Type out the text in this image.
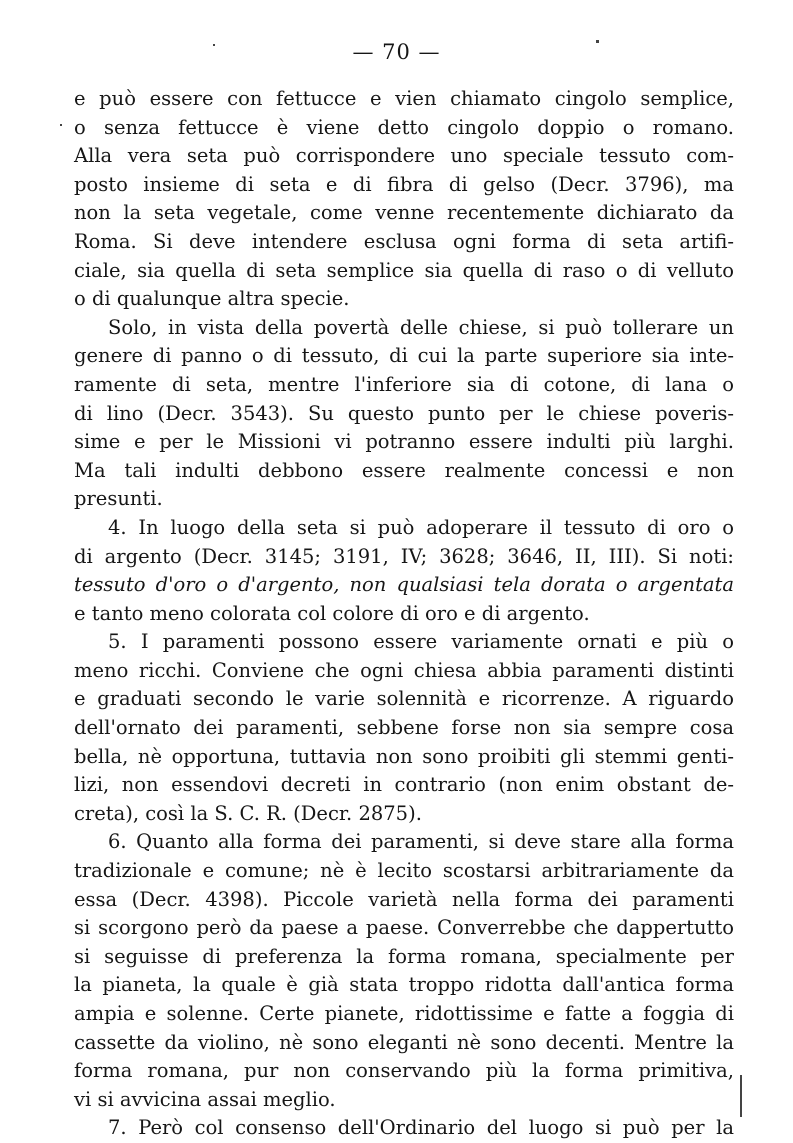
— 70 —
e può essere con fettucce e vien chiamato cingolo semplice,
o senza fettucce è viene detto cingolo doppio o romano.
Alla vera seta può corrispondere uno speciale tessuto com-
posto insieme di seta e di fibra di gelso (Decr. 3796), ma
non la seta vegetale, come venne recentemente dichiarato da
Roma. Si deve intendere esclusa ogni forma di seta artifi-
ciale, sia quella di seta semplice sia quella di raso o di velluto
o di qualunque altra specie.
Solo, in vista della povertà delle chiese, si può tollerare un
genere di panno o di tessuto, di cui la parte superiore sia inte-
ramente di seta, mentre l'inferiore sia di cotone, di lana o
di lino (Decr. 3543). Su questo punto per le chiese poveris-
sime e per le Missioni vi potranno essere indulti più larghi.
Ma tali indulti debbono essere realmente concessi e non
presunti.
4. In luogo della seta si può adoperare il tessuto di oro o
di argento (Decr. 3145; 3191, IV; 3628; 3646, II, III). Si noti:
tessuto d'oro o d'argento, non qualsiasi tela dorata o argentata
e tanto meno colorata col colore di oro e di argento.
5. I paramenti possono essere variamente ornati e più o
meno ricchi. Conviene che ogni chiesa abbia paramenti distinti
e graduati secondo le varie solennità e ricorrenze. A riguardo
dell'ornato dei paramenti, sebbene forse non sia sempre cosa
bella, nè opportuna, tuttavia non sono proibiti gli stemmi genti-
lizi, non essendovi decreti in contrario (non enim obstant de-
creta), così la S. C. R. (Decr. 2875).
6. Quanto alla forma dei paramenti, si deve stare alla forma
tradizionale e comune; nè è lecito scostarsi arbitrariamente da
essa (Decr. 4398). Piccole varietà nella forma dei paramenti
si scorgono però da paese a paese. Converrebbe che dappertutto
si seguisse di preferenza la forma romana, specialmente per
la pianeta, la quale è già stata troppo ridotta dall'antica forma
ampia e solenne. Certe pianete, ridottissime e fatte a foggia di
cassette da violino, nè sono eleganti nè sono decenti. Mentre la
forma romana, pur non conservando più la forma primitiva,
vi si avvicina assai meglio.
7. Però col consenso dell'Ordinario del luogo si può per la
